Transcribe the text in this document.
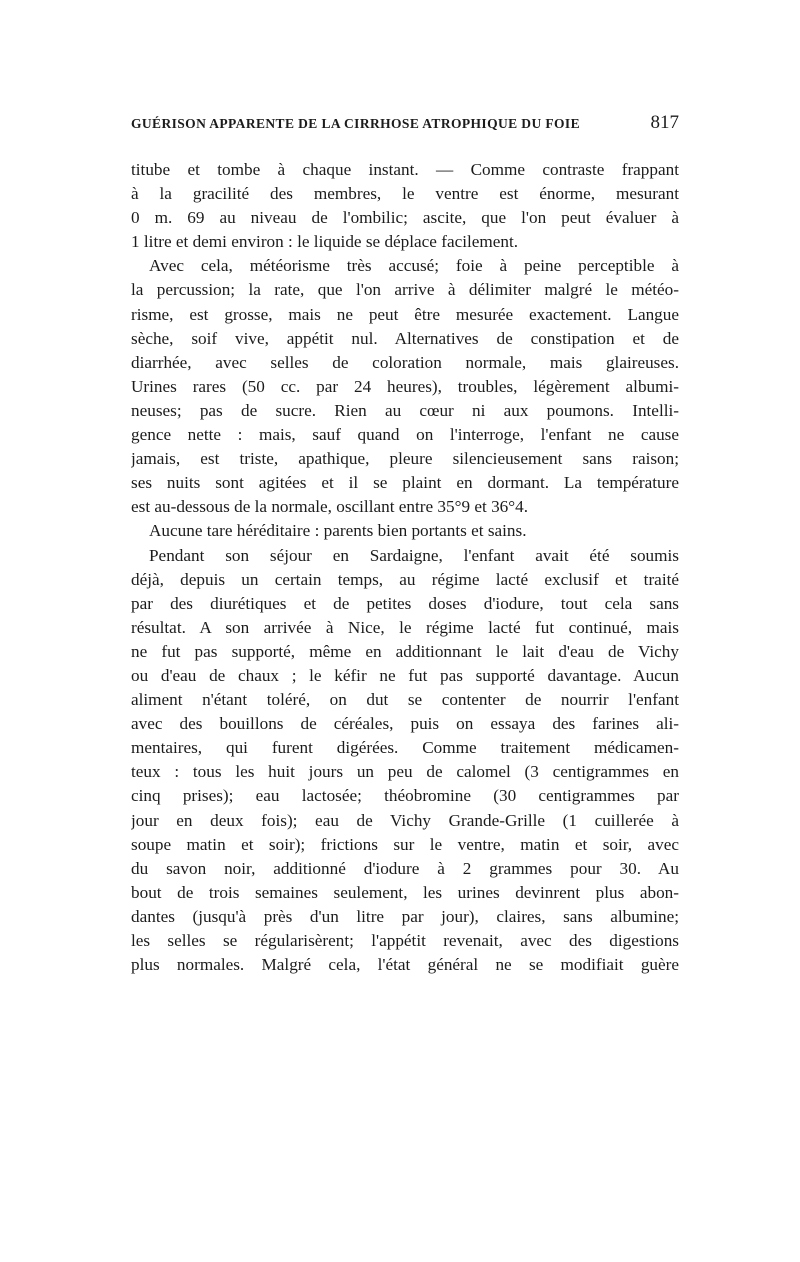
GUÉRISON APPARENTE DE LA CIRRHOSE ATROPHIQUE DU FOIE	817
titube et tombe à chaque instant. — Comme contraste frappant
à la gracilité des membres, le ventre est énorme, mesurant
0 m. 69 au niveau de l'ombilic; ascite, que l'on peut évaluer à
1 litre et demi environ : le liquide se déplace facilement.
Avec cela, météorisme très accusé; foie à peine perceptible à
la percussion; la rate, que l'on arrive à délimiter malgré le météo-
risme, est grosse, mais ne peut être mesurée exactement. Langue
sèche, soif vive, appétit nul. Alternatives de constipation et de
diarrhée, avec selles de coloration normale, mais glaireuses.
Urines rares (50 cc. par 24 heures), troubles, légèrement albumi-
neuses; pas de sucre. Rien au cœur ni aux poumons. Intelli-
gence nette : mais, sauf quand on l'interroge, l'enfant ne cause
jamais, est triste, apathique, pleure silencieusement sans raison;
ses nuits sont agitées et il se plaint en dormant. La température
est au-dessous de la normale, oscillant entre 35°9 et 36°4.
Aucune tare héréditaire : parents bien portants et sains.
Pendant son séjour en Sardaigne, l'enfant avait été soumis
déjà, depuis un certain temps, au régime lacté exclusif et traité
par des diurétiques et de petites doses d'iodure, tout cela sans
résultat. A son arrivée à Nice, le régime lacté fut continué, mais
ne fut pas supporté, même en additionnant le lait d'eau de Vichy
ou d'eau de chaux ; le kéfir ne fut pas supporté davantage. Aucun
aliment n'étant toléré, on dut se contenter de nourrir l'enfant
avec des bouillons de céréales, puis on essaya des farines ali-
mentaires, qui furent digérées. Comme traitement médicamen-
teux : tous les huit jours un peu de calomel (3 centigrammes en
cinq prises); eau lactosée; théobromine (30 centigrammes par
jour en deux fois); eau de Vichy Grande-Grille (1 cuillerée à
soupe matin et soir); frictions sur le ventre, matin et soir, avec
du savon noir, additionné d'iodure à 2 grammes pour 30. Au
bout de trois semaines seulement, les urines devinrent plus abon-
dantes (jusqu'à près d'un litre par jour), claires, sans albumine;
les selles se régularisèrent; l'appétit revenait, avec des digestions
plus normales. Malgré cela, l'état général ne se modifiait guère
